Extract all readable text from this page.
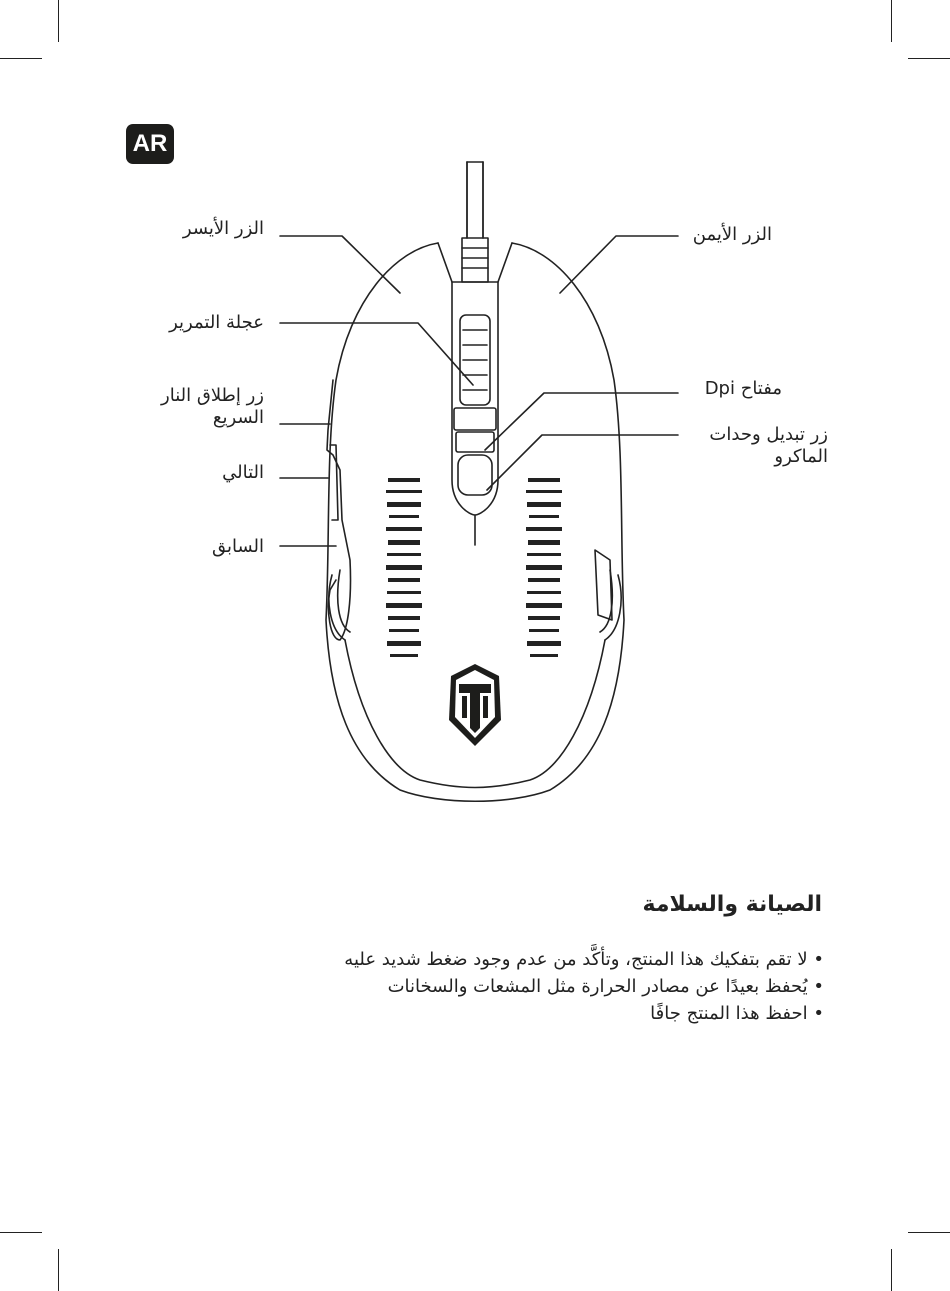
AR
الزر الأيسر
عجلة التمرير
زر إطلاق النار
السريع
التالي
السابق
الزر الأيمن
مفتاح Dpi
زر تبديل وحدات
الماكرو
الصيانة والسلامة
• لا تقم بتفكيك هذا المنتج، وتأكَّد من عدم وجود ضغط شديد عليه
• يُحفظ بعيدًا عن مصادر الحرارة مثل المشعات والسخانات
• احفظ هذا المنتج جافًا
